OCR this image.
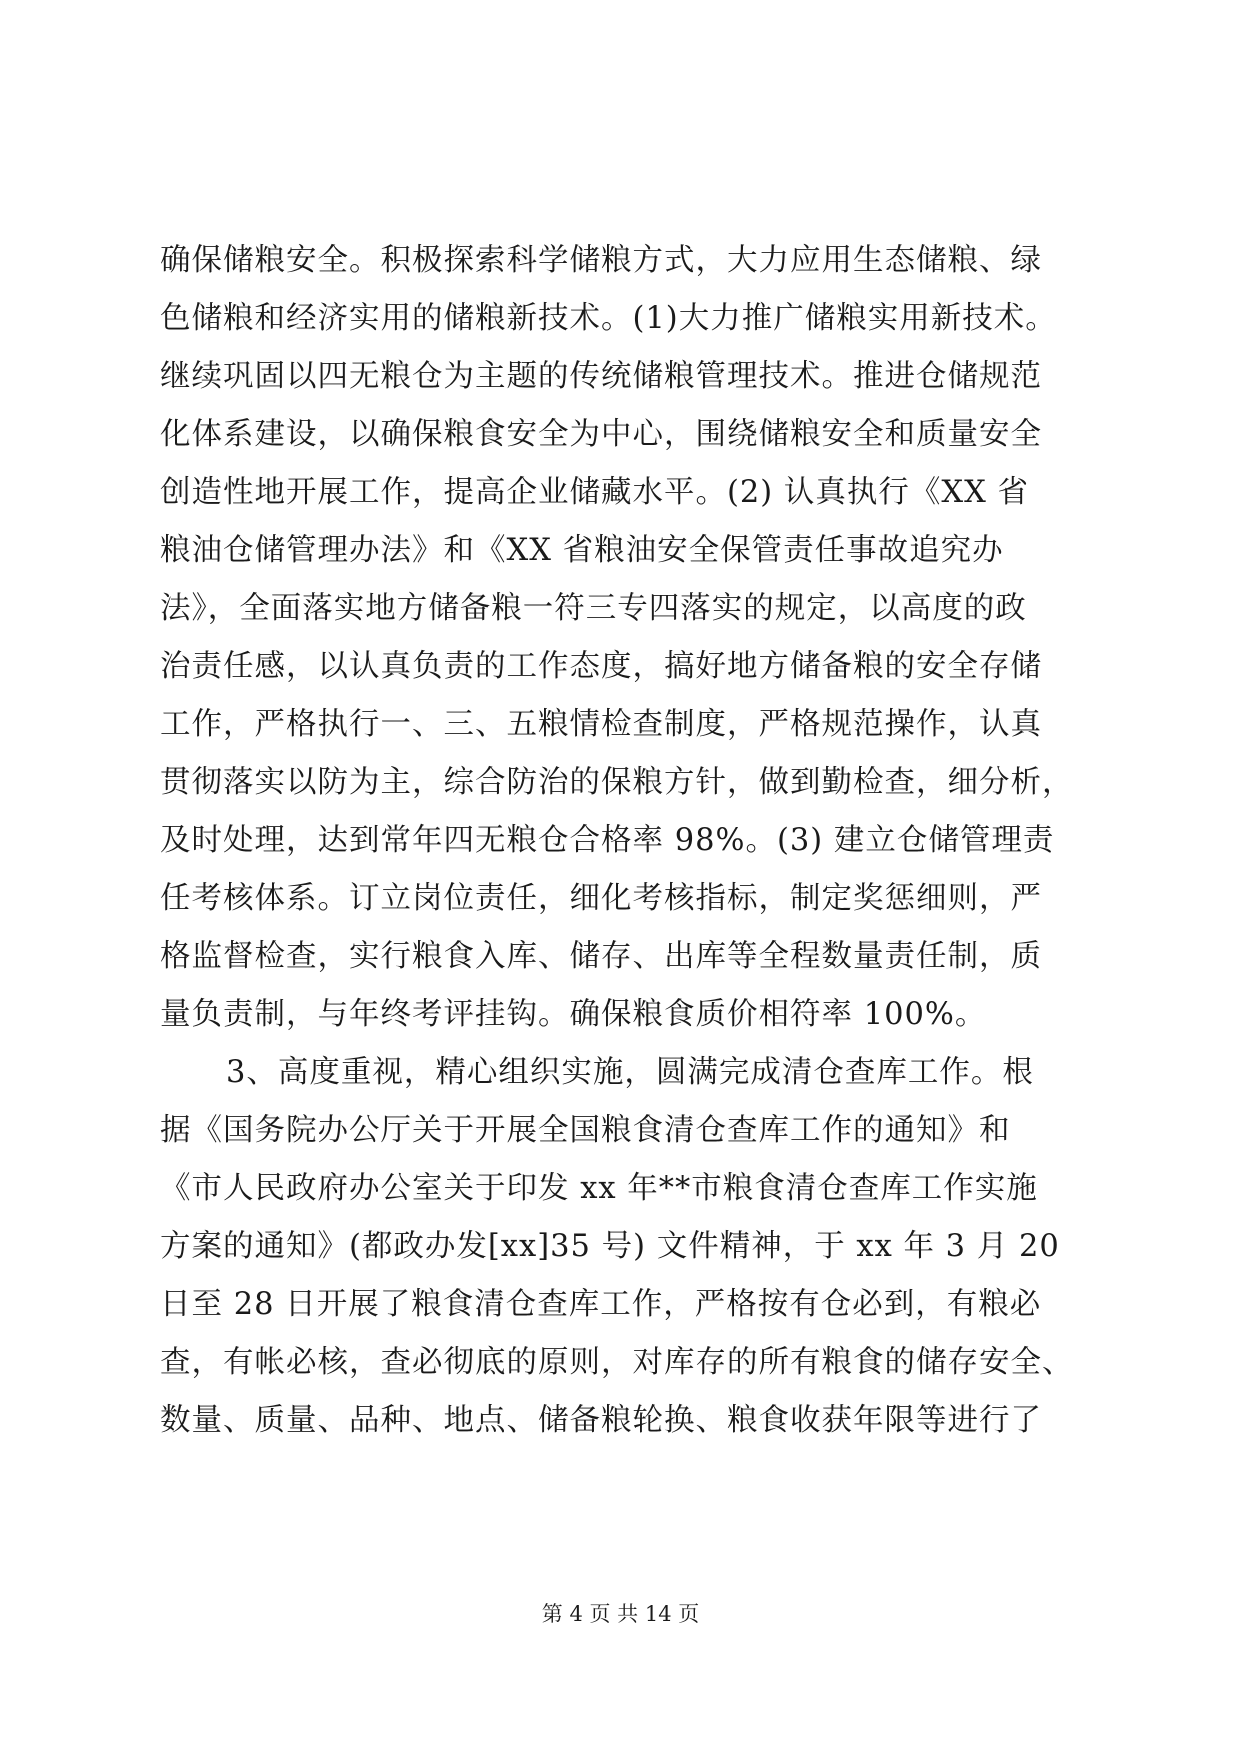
确保储粮安全。积极探索科学储粮方式，大力应用生态储粮、绿
色储粮和经济实用的储粮新技术。(1)大力推广储粮实用新技术。
继续巩固以四无粮仓为主题的传统储粮管理技术。推进仓储规范
化体系建设，以确保粮食安全为中心，围绕储粮安全和质量安全
创造性地开展工作，提高企业储藏水平。(2) 认真执行《XX 省
粮油仓储管理办法》和《XX 省粮油安全保管责任事故追究办
法》，全面落实地方储备粮一符三专四落实的规定，以高度的政
治责任感，以认真负责的工作态度，搞好地方储备粮的安全存储
工作，严格执行一、三、五粮情检查制度，严格规范操作，认真
贯彻落实以防为主，综合防治的保粮方针，做到勤检查，细分析，
及时处理，达到常年四无粮仓合格率 98%。(3) 建立仓储管理责
任考核体系。订立岗位责任，细化考核指标，制定奖惩细则，严
格监督检查，实行粮食入库、储存、出库等全程数量责任制，质
量负责制，与年终考评挂钩。确保粮食质价相符率 100%。
3、高度重视，精心组织实施，圆满完成清仓查库工作。根
据《国务院办公厅关于开展全国粮食清仓查库工作的通知》和
《市人民政府办公室关于印发 xx 年**市粮食清仓查库工作实施
方案的通知》(都政办发[xx]35 号) 文件精神，于 xx 年 3 月 20
日至 28 日开展了粮食清仓查库工作，严格按有仓必到，有粮必
查，有帐必核，查必彻底的原则，对库存的所有粮食的储存安全、
数量、质量、品种、地点、储备粮轮换、粮食收获年限等进行了
第 4 页 共 14 页
